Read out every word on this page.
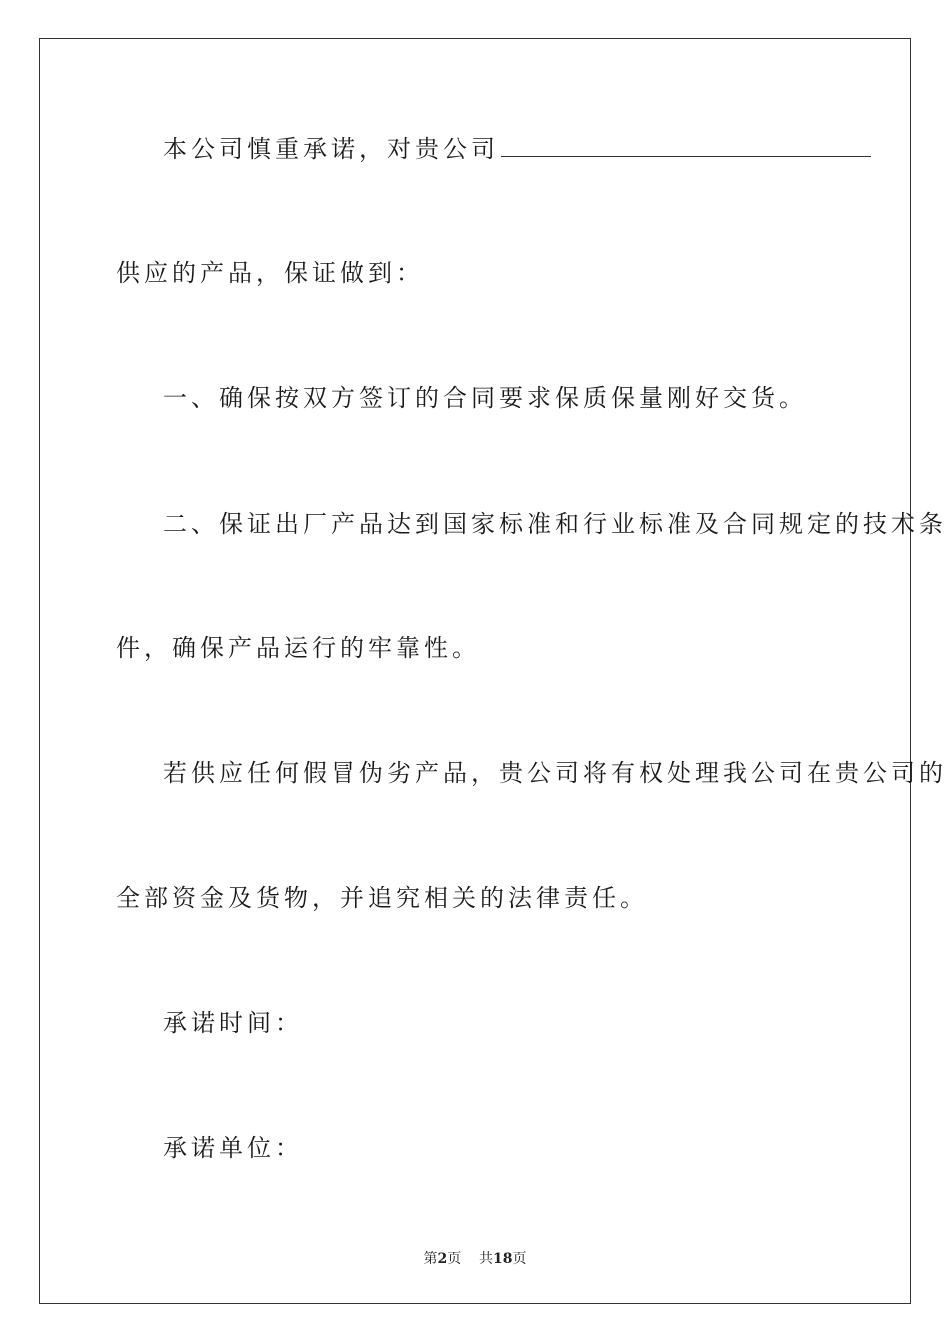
本公司慎重承诺，对贵公司
供应的产品，保证做到：
一、确保按双方签订的合同要求保质保量刚好交货。
二、保证出厂产品达到国家标准和行业标准及合同规定的技术条
件，确保产品运行的牢靠性。
若供应任何假冒伪劣产品，贵公司将有权处理我公司在贵公司的
全部资金及货物，并追究相关的法律责任。
承诺时间：
承诺单位：
第2页 共18页
